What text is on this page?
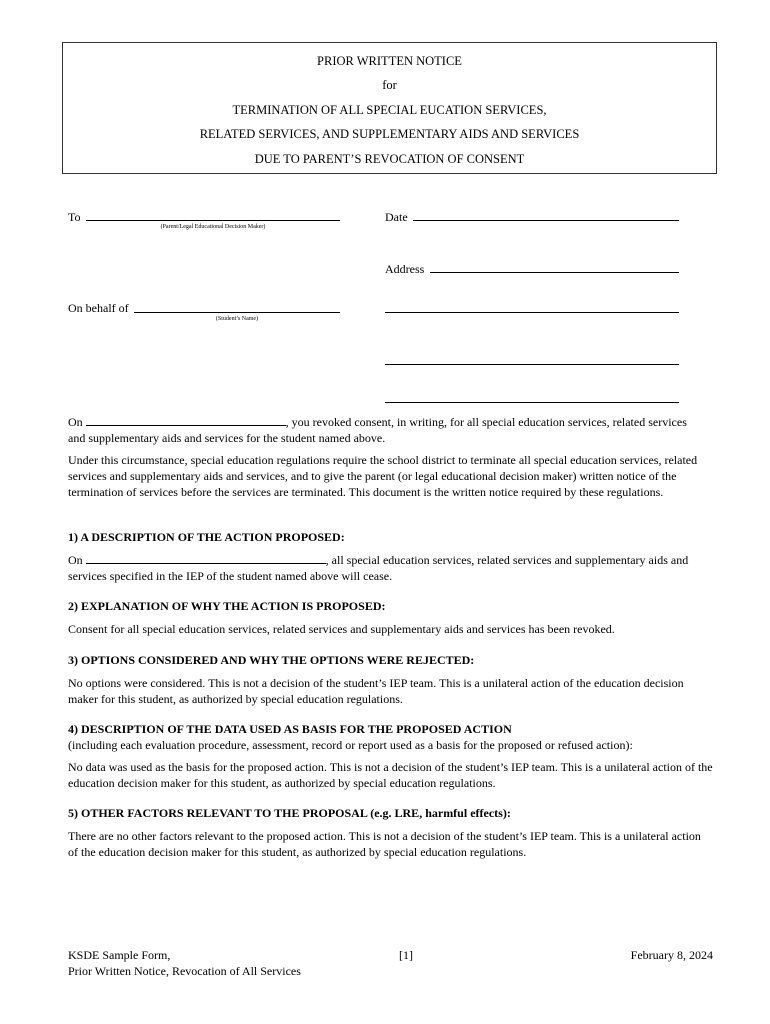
PRIOR WRITTEN NOTICE
for
TERMINATION OF ALL SPECIAL EUCATION SERVICES,
RELATED SERVICES, AND SUPPLEMENTARY AIDS AND SERVICES
DUE TO PARENT’S REVOCATION OF CONSENT
To
(Parent/Legal Educational Decision Maker)
Date
Address
On behalf of
(Student’s Name)
On	, you revoked consent, in writing, for all special education services, related services
and supplementary aids and services for the student named above.
Under this circumstance, special education regulations require the school district to terminate all special education services, related services and supplementary aids and services, and to give the parent (or legal educational decision maker) written notice of the termination of services before the services are terminated. This document is the written notice required by these regulations.
1) A DESCRIPTION OF THE ACTION PROPOSED:
On	, all special education services, related services and supplementary aids and
services specified in the IEP of the student named above will cease.
2) EXPLANATION OF WHY THE ACTION IS PROPOSED:
Consent for all special education services, related services and supplementary aids and services has been revoked.
3) OPTIONS CONSIDERED AND WHY THE OPTIONS WERE REJECTED:
No options were considered. This is not a decision of the student’s IEP team. This is a unilateral action of the education decision maker for this student, as authorized by special education regulations.
4) DESCRIPTION OF THE DATA USED AS BASIS FOR THE PROPOSED ACTION
(including each evaluation procedure, assessment, record or report used as a basis for the proposed or refused action):
No data was used as the basis for the proposed action. This is not a decision of the student’s IEP team. This is a unilateral action of the education decision maker for this student, as authorized by special education regulations.
5) OTHER FACTORS RELEVANT TO THE PROPOSAL (e.g. LRE, harmful effects):
There are no other factors relevant to the proposed action. This is not a decision of the student’s IEP team. This is a unilateral action of the education decision maker for this student, as authorized by special education regulations.
KSDE Sample Form,
Prior Written Notice, Revocation of All Services
[1]	February 8, 2024
